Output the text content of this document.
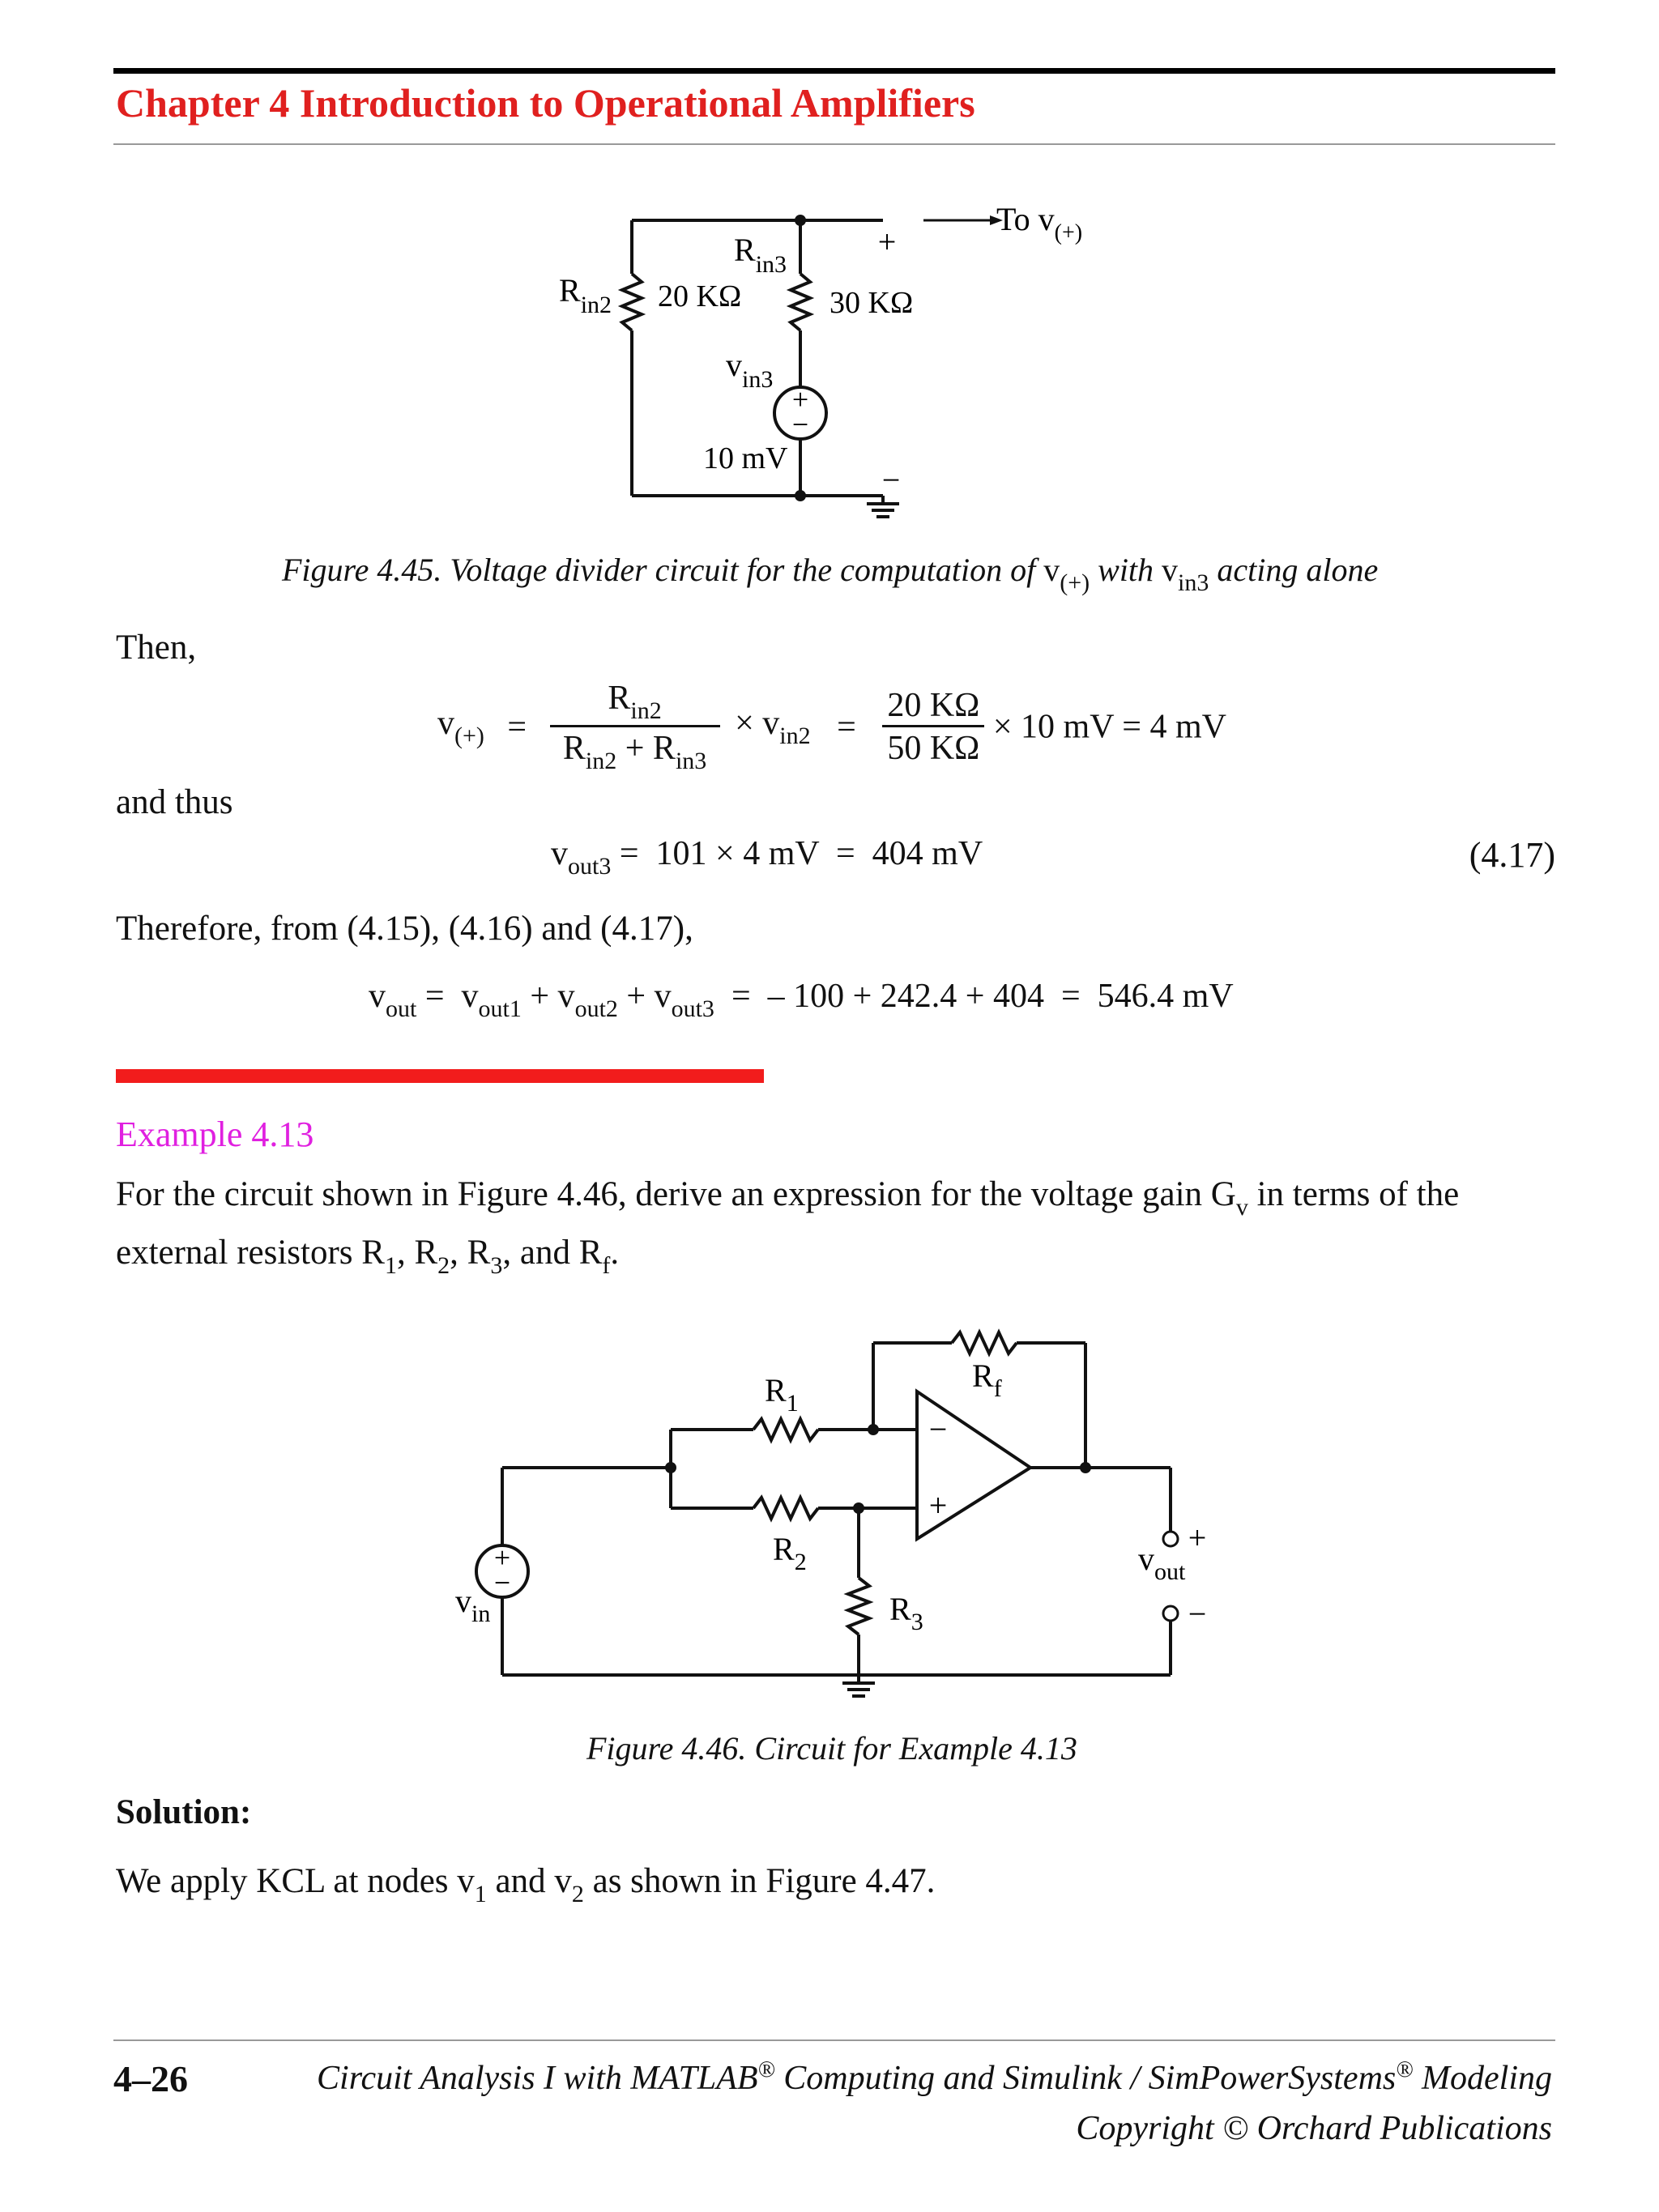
Chapter 4 Introduction to Operational Amplifiers
+
−
+
−
To $v_{(+)}$
$R_{in2}$ 20 KΩ
$R_{in3}$
30 KΩ
$v_{in3}$
10 mV
Figure 4.45. Voltage divider circuit for the computation of $v_{(+)}$ with $v_{in3}$ acting alone
Then,
$v_{(+)} = \frac{R_{in2}}{R_{in2} + R_{in3}} \times v_{in2} = \frac{20 K\Omega}{50 K\Omega} \times 10$ mV = 4 mV
and thus
$v_{out3} = 101 \times 4$ mV  =  404 mV	(4.17)
Therefore, from (4.15), (4.16) and (4.17),
$v_{out} = v_{out1} + v_{out2} + v_{out3}$  =  – 100 + 242.4 + 404  =  546.4 mV
Example 4.13
For the circuit shown in Figure 4.46, derive an expression for the voltage gain $G_v$ in terms of the
external resistors $R_1$, $R_2$, $R_3$, and $R_f$.
−
+
+
−
+
−
$R_1$
$R_2$
$R_3$
$R_f$
$v_{in}$
$v_{out}$
Figure 4.46. Circuit for Example 4.13
Solution:
We apply KCL at nodes $v_1$ and $v_2$ as shown in Figure 4.47.
4–26	Circuit Analysis I with MATLAB® Computing and Simulink / SimPowerSystems® Modeling
Copyright © Orchard Publications
